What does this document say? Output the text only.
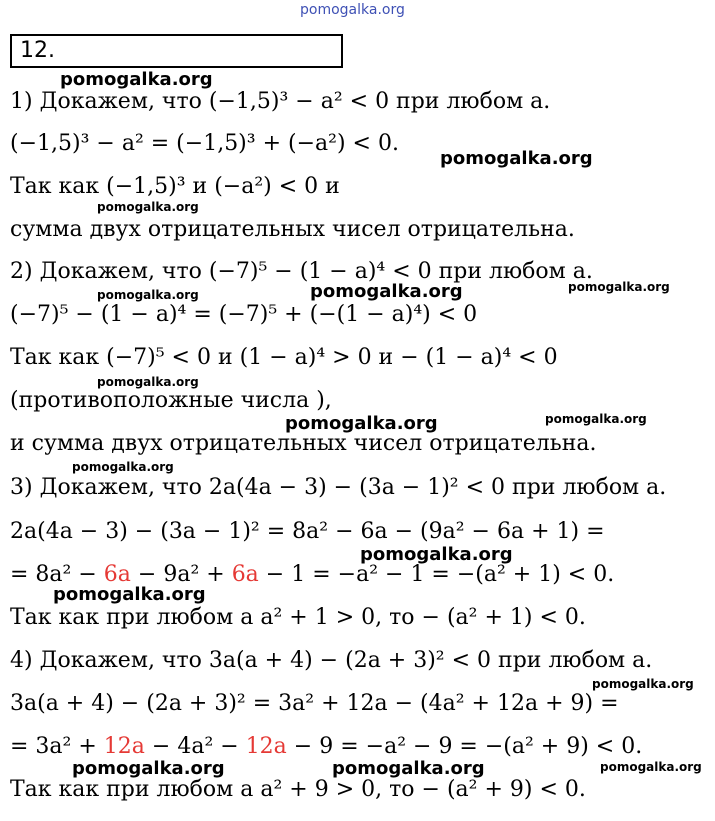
pomogalka.org
12.
1) Докажем, что (−1,5)³ − a² < 0 при любом a.
(−1,5)³ − a² = (−1,5)³ + (−a²) < 0.
Так как (−1,5)³ и (−a²) < 0 и
сумма двух отрицательных чисел отрицательна.
2) Докажем, что (−7)⁵ − (1 − a)⁴ < 0 при любом a.
(−7)⁵ − (1 − a)⁴ = (−7)⁵ + (−(1 − a)⁴) < 0
Так как (−7)⁵ < 0 и (1 − a)⁴ > 0 и − (1 − a)⁴ < 0
(противоположные числа ),
и сумма двух отрицательных чисел отрицательна.
3) Докажем, что 2a(4a − 3) − (3a − 1)² < 0 при любом a.
2a(4a − 3) − (3a − 1)² = 8a² − 6a − (9a² − 6a + 1) =
= 8a² − 6a − 9a² + 6a − 1 = −a² − 1 = −(a² + 1) < 0.
Так как при любом a a² + 1 > 0, то − (a² + 1) < 0.
4) Докажем, что 3a(a + 4) − (2a + 3)² < 0 при любом a.
3a(a + 4) − (2a + 3)² = 3a² + 12a − (4a² + 12a + 9) =
= 3a² + 12a − 4a² − 12a − 9 = −a² − 9 = −(a² + 9) < 0.
Так как при любом a a² + 9 > 0, то − (a² + 9) < 0.
pomogalka.org
pomogalka.org
pomogalka.org
pomogalka.org	pomogalka.org	pomogalka.org
pomogalka.org
pomogalka.org	pomogalka.org
pomogalka.org
pomogalka.org
pomogalka.org
pomogalka.org
pomogalka.org	pomogalka.org	pomogalka.org
